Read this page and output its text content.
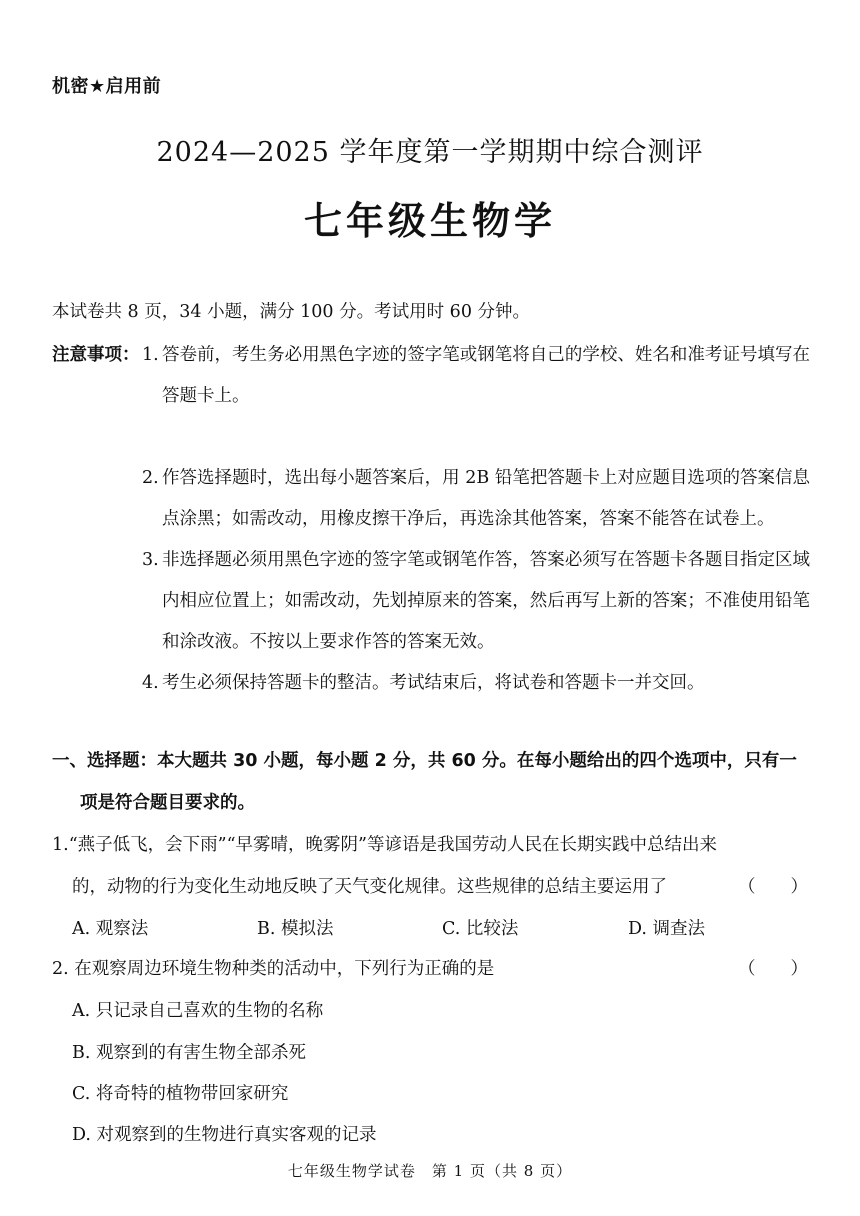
机密★启用前
2024—2025 学年度第一学期期中综合测评
七年级生物学
本试卷共 8 页，34 小题，满分 100 分。考试用时 60 分钟。
注意事项： 1. 答卷前，考生务必用黑色字迹的签字笔或钢笔将自己的学校、姓名和准考证号填写在答题卡上。
2. 作答选择题时，选出每小题答案后，用 2B 铅笔把答题卡上对应题目选项的答案信息点涂黑；如需改动，用橡皮擦干净后，再选涂其他答案，答案不能答在试卷上。
3. 非选择题必须用黑色字迹的签字笔或钢笔作答，答案必须写在答题卡各题目指定区域内相应位置上；如需改动，先划掉原来的答案，然后再写上新的答案；不准使用铅笔和涂改液。不按以上要求作答的答案无效。
4. 考生必须保持答题卡的整洁。考试结束后，将试卷和答题卡一并交回。
一、选择题：本大题共 30 小题，每小题 2 分，共 60 分。在每小题给出的四个选项中，只有一
项是符合题目要求的。
1.“燕子低飞，会下雨”“早雾晴，晚雾阴”等谚语是我国劳动人民在长期实践中总结出来
的，动物的行为变化生动地反映了天气变化规律。这些规律的总结主要运用了	（　　）
A. 观察法	B. 模拟法	C. 比较法	D. 调查法
2. 在观察周边环境生物种类的活动中，下列行为正确的是	（　　）
A. 只记录自己喜欢的生物的名称
B. 观察到的有害生物全部杀死
C. 将奇特的植物带回家研究
D. 对观察到的生物进行真实客观的记录
七年级生物学试卷　第 1 页（共 8 页）
